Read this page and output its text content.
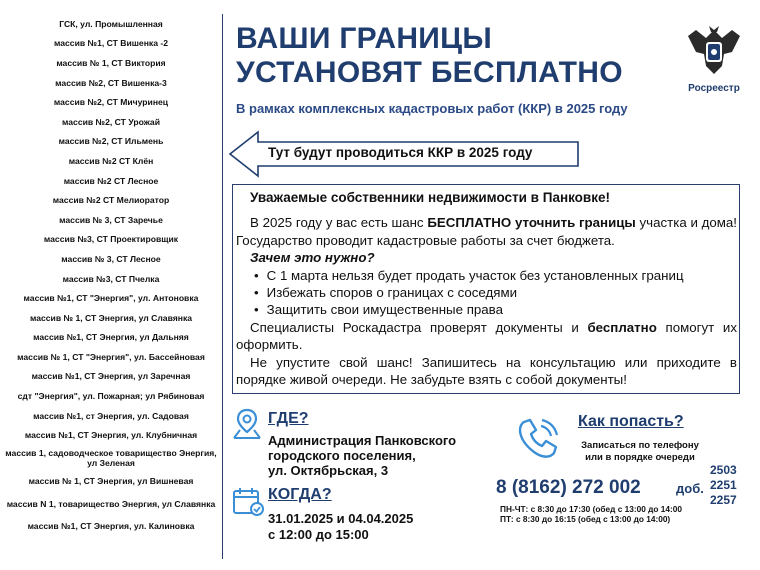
ГСК, ул. Промышленная
массив №1, СТ Вишенка -2
массив № 1, СТ Виктория
массив №2, СТ Вишенка-3
массив №2, СТ Мичуринец
массив №2, СТ Урожай
массив №2, СТ Ильмень
массив №2 СТ Клён
массив №2 СТ Лесное
массив №2 СТ Мелиоратор
массив № 3, СТ Заречье
массив №3, СТ Проектировщик
массив № 3, СТ Лесное
массив №3, СТ Пчелка
массив №1, СТ "Энергия", ул. Антоновка
массив № 1, СТ Энергия, ул Славянка
массив №1, СТ Энергия, ул Дальняя
массив № 1, СТ "Энергия", ул. Бассейновая
массив №1, СТ Энергия, ул Заречная
сдт "Энергия", ул. Пожарная; ул Рябиновая
массив №1, ст Энергия, ул. Садовая
массив №1, СТ Энергия, ул. Клубничная
массив 1, садоводческое товарищество Энергия, ул Зеленая
массив № 1, СТ Энергия, ул Вишневая
массив N 1, товарищество Энергия, ул Славянка
массив №1, СТ Энергия, ул. Калиновка
ВАШИ ГРАНИЦЫ
УСТАНОВЯТ БЕСПЛАТНО	Росреестр
В рамках комплексных кадастровых работ (ККР) в 2025 году
Тут будут проводиться ККР в 2025 году

Уважаемые собственники недвижимости в Панковке!

В 2025 году у вас есть шанс БЕСПЛАТНО уточнить границы участка и дома! Государство проводит кадастровые работы за счет бюджета.

Зачем это нужно?

• С 1 марта нельзя будет продать участок без установленных границ
• Избежать споров о границах с соседями
• Защитить свои имущественные права

Специалисты Роскадастра проверят документы и бесплатно помогут их оформить.

Не упустите свой шанс! Запишитесь на консультацию или приходите в порядке живой очереди. Не забудьте взять с собой документы!

ГДЕ?
Администрация Панковского
городского поселения,
ул. Октябрьская, 3
КОГДА?
31.01.2025 и 04.04.2025
с 12:00 до 15:00
Как попасть?
Записаться по телефону
или в порядке очереди
8 (8162) 272 002	доб.
2503
2251
2257
ПН-ЧТ: с 8:30 до 17:30 (обед с 13:00 до 14:00
ПТ: с 8:30 до 16:15 (обед с 13:00 до 14:00)
